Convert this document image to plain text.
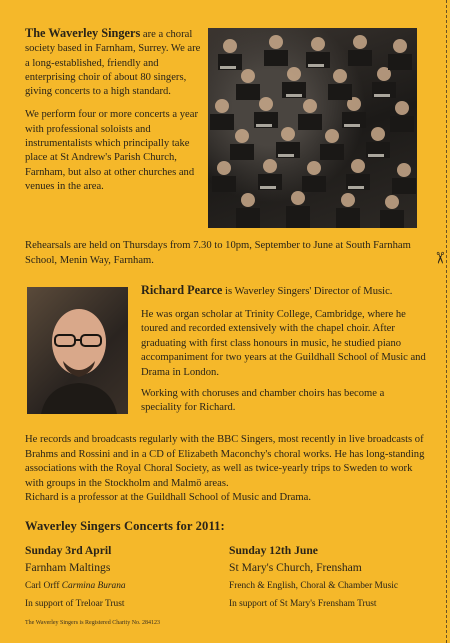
✂

The Waverley Singers are a choral society based in Farnham, Surrey. We are a long-established, friendly and enterprising choir of about 80 singers, giving concerts to a high standard.

We perform four or more concerts a year with professional soloists and instrumentalists which principally take place at St Andrew's Parish Church, Farnham, but also at other churches and venues in the area.

Rehearsals are held on Thursdays from 7.30 to 10pm, September to June at South Farnham School, Menin Way, Farnham.

Richard Pearce is Waverley Singers' Director of Music.

He was organ scholar at Trinity College, Cambridge, where he toured and recorded extensively with the chapel choir. After graduating with first class honours in music, he studied piano accompaniment for two years at the Guildhall School of Music and Drama in London.

Working with choruses and chamber choirs has become a speciality for Richard.

He records and broadcasts regularly with the BBC Singers, most recently in live broadcasts of Brahms and Rossini and in a CD of Elizabeth Maconchy's choral works. He has long-standing associations with the Royal Choral Society, as well as twice-yearly trips to Sweden to work with groups in the Stockholm and Malmö areas.

Richard is a professor at the Guildhall School of Music and Drama.

Waverley Singers Concerts for 2011:

Sunday 3rd April

Farnham Maltings

Carl Orff Carmina Burana

In support of Treloar Trust

Sunday 12th June

St Mary's Church, Frensham

French & English, Choral & Chamber Music

In support of St Mary's Frensham Trust

The Waverley Singers is Registered Charity No. 284123
